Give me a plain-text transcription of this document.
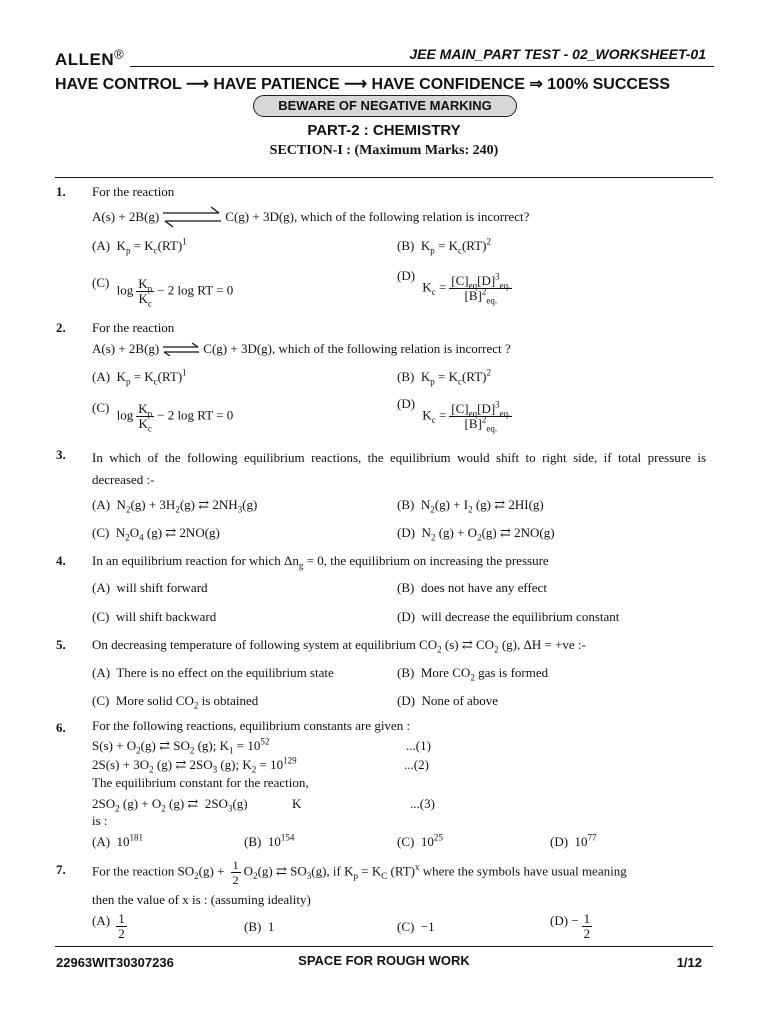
ALLEN®	JEE MAIN_PART TEST - 02_WORKSHEET-01
HAVE CONTROL ⟶ HAVE PATIENCE ⟶ HAVE CONFIDENCE ⇒ 100% SUCCESS
BEWARE OF NEGATIVE MARKING
PART-2 : CHEMISTRY
SECTION-I : (Maximum Marks: 240)
1. For the reaction
A(s) + 2B(g)	C(g) + 3D(g), which of the following relation is incorrect?
(A)  $K_p = K_c(RT)^1$	(B)  $K_p = K_c(RT)^2$
(C) $\log \frac{K_p}{K_c} - 2$ log RT = 0
(D) $K_c = \frac{[C]_{eq}[D]^3_{eq.}}{[B]^2_{eq.}}$
2. For the reaction
A(s) + 2B(g) ⇌ C(g) + 3D(g), which of the following relation is incorrect ?
(A)  $K_p = K_c(RT)^1$	(B)  $K_p = K_c(RT)^2$
(C) $\log \frac{K_p}{K_c} - 2$ log RT = 0
(D) $K_c = \frac{[C]_{eq}[D]^3_{eq.}}{[B]^2_{eq.}}$
3. In which of the following equilibrium reactions, the equilibrium would shift to right side, if total pressure is decreased :-
(A)  $N_2(g) + 3H_2(g)$ ⇄ $2NH_3(g)$	(B)  $N_2(g) + I_2$ (g) ⇄ 2HI(g)
(C)  $N_2O_4$ (g) ⇄ 2NO(g)	(D)  $N_2$ $(g) + O_2(g)$ ⇄ 2NO(g)
4. In an equilibrium reaction for which $\Delta n_g = 0$, the equilibrium on increasing the pressure
(A) will shift forward	(B) does not have any effect
(C) will shift backward	(D) will decrease the equilibrium constant
5. On decreasing temperature of following system at equilibrium $CO_2$ (s) ⇄ $CO_2$ (g), ΔH = +ve :-
(A) There is no effect on the equilibrium state	(B) More $CO_2$ gas is formed
(C) More solid $CO_2$ is obtained	(D) None of above
6. For the following reactions, equilibrium constants are given :
$S(s) + O_2(g)$ ⇄ $SO_2$ (g); $K_1 = 10^{52}$	...(1)
$2S(s) + 3O_2$ (g) ⇄ $2SO_3$ (g); $K_2 = 10^{129}$	...(2)
The equilibrium constant for the reaction,
$2SO_2$ $(g) + O_2$ (g) ⇄  $2SO_3(g)$	K	...(3)
is :
(A)  $10^{181}$	(B)  $10^{154}$	(C)  $10^{25}$	(D)  $10^{77}$
7. For the reaction $SO_2(g) + \frac{1}{2} O_2(g)$ ⇄ $SO_3(g)$, if $K_p = K_C$ (RT)$^x$ where the symbols have usual meaning
then the value of x is : (assuming ideality)
$(A) \frac{1}{2}$	(B) 1	(C) −1	$(D) - \frac{1}{2}$
22963WIT30307236	SPACE FOR ROUGH WORK	1/12
